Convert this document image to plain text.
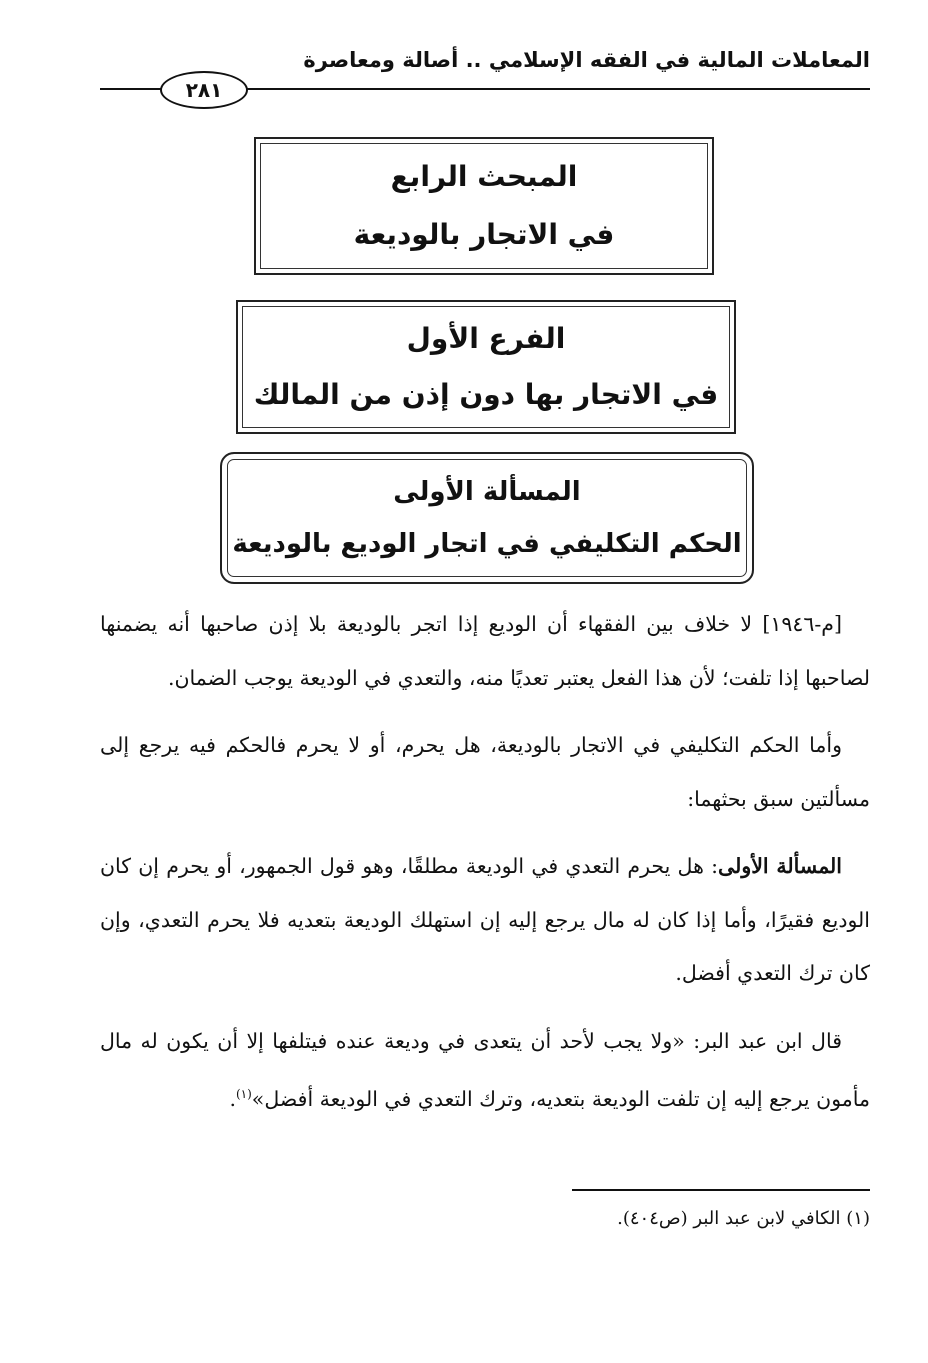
المعاملات المالية في الفقه الإسلامي .. أصالة ومعاصرة
٢٨١
المبحث الرابع
في الاتجار بالوديعة
الفرع الأول
في الاتجار بها دون إذن من المالك
المسألة الأولى
الحكم التكليفي في اتجار الوديع بالوديعة

[م-١٩٤٦] لا خلاف بين الفقهاء أن الوديع إذا اتجر بالوديعة بلا إذن صاحبها أنه يضمنها لصاحبها إذا تلفت؛ لأن هذا الفعل يعتبر تعديًا منه، والتعدي في الوديعة يوجب الضمان.

وأما الحكم التكليفي في الاتجار بالوديعة، هل يحرم، أو لا يحرم فالحكم فيه يرجع إلى مسألتين سبق بحثهما:

المسألة الأولى: هل يحرم التعدي في الوديعة مطلقًا، وهو قول الجمهور، أو يحرم إن كان الوديع فقيرًا، وأما إذا كان له مال يرجع إليه إن استهلك الوديعة بتعديه فلا يحرم التعدي، وإن كان ترك التعدي أفضل.

قال ابن عبد البر: «ولا يجب لأحد أن يتعدى في وديعة عنده فيتلفها إلا أن يكون له مال مأمون يرجع إليه إن تلفت الوديعة بتعديه، وترك التعدي في الوديعة أفضل»$^{(١)}$.

(١) الكافي لابن عبد البر (ص٤٠٤).
